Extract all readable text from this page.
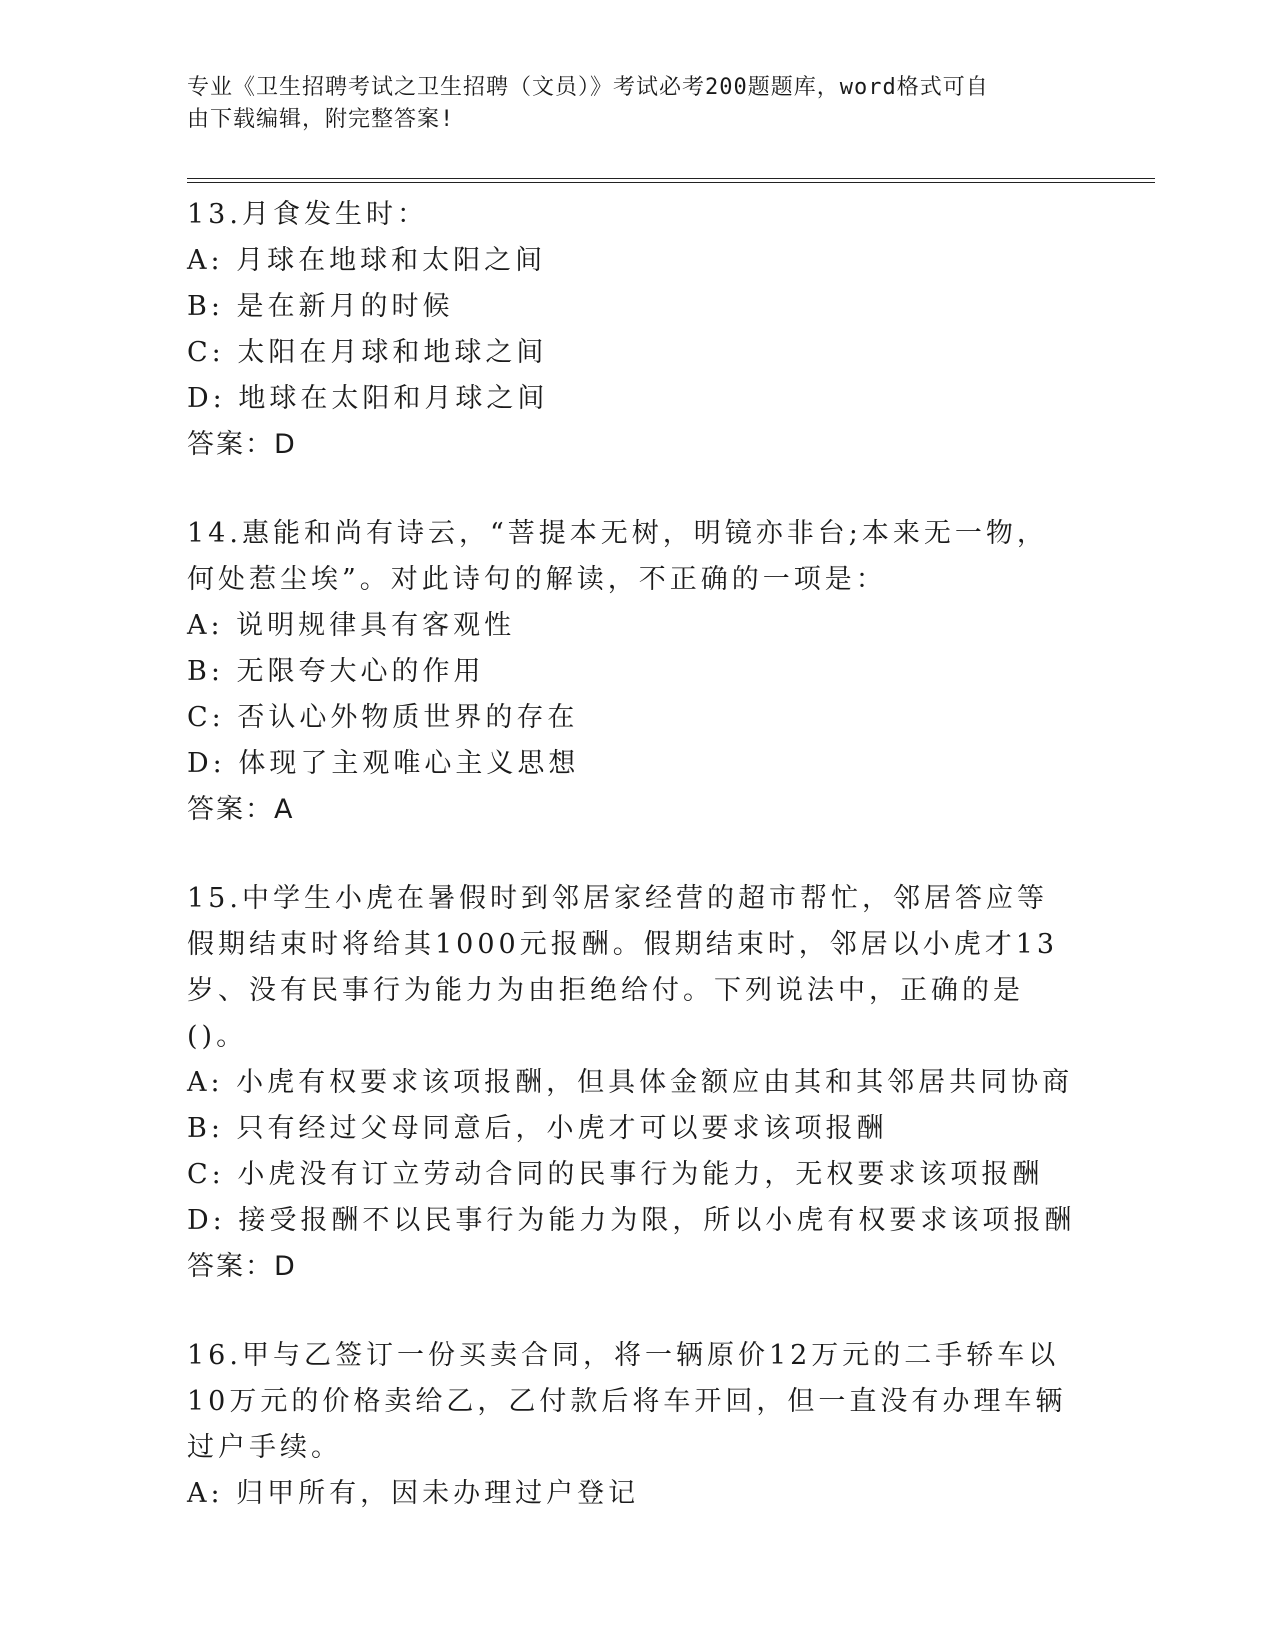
专业《卫生招聘考试之卫生招聘（文员）》考试必考200题题库，word格式可自
由下载编辑，附完整答案!
13.月食发生时：
A: 月球在地球和太阳之间
B: 是在新月的时候
C: 太阳在月球和地球之间
D: 地球在太阳和月球之间
答案：D
14.惠能和尚有诗云，“菩提本无树，明镜亦非台;本来无一物，何处惹尘埃”。对此诗句的解读，不正确的一项是：
A: 说明规律具有客观性
B: 无限夸大心的作用
C: 否认心外物质世界的存在
D: 体现了主观唯心主义思想
答案：A
15.中学生小虎在暑假时到邻居家经营的超市帮忙，邻居答应等假期结束时将给其1000元报酬。假期结束时，邻居以小虎才13岁、没有民事行为能力为由拒绝给付。下列说法中，正确的是()。
A: 小虎有权要求该项报酬，但具体金额应由其和其邻居共同协商
B: 只有经过父母同意后，小虎才可以要求该项报酬
C: 小虎没有订立劳动合同的民事行为能力，无权要求该项报酬
D: 接受报酬不以民事行为能力为限，所以小虎有权要求该项报酬
答案：D
16.甲与乙签订一份买卖合同，将一辆原价12万元的二手轿车以10万元的价格卖给乙，乙付款后将车开回，但一直没有办理车辆过户手续。
A: 归甲所有，因未办理过户登记
